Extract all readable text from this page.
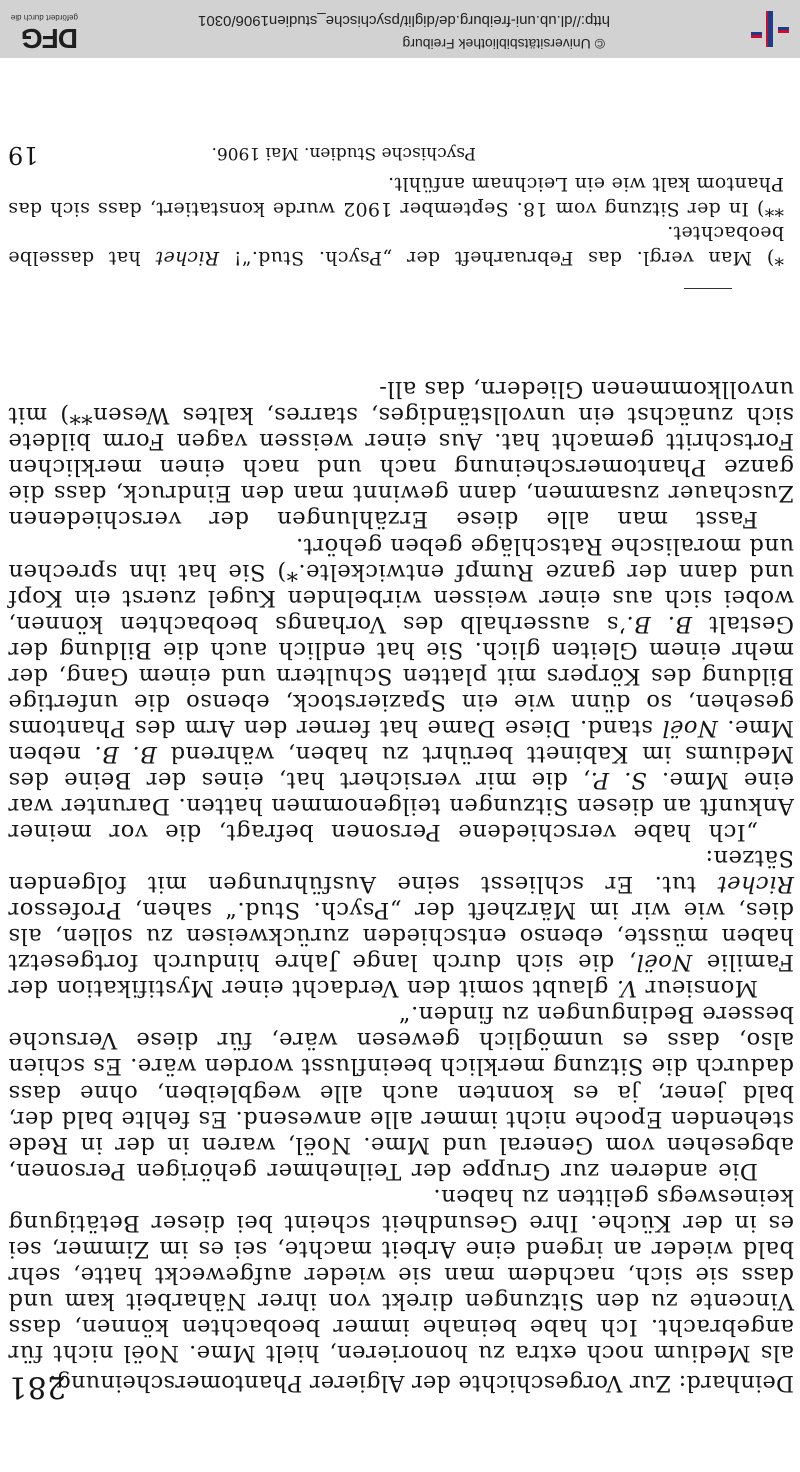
Deinhard: Zur Vorgeschichte der Algierer Phantomerscheinung.
281

als Medium noch extra zu honorieren, hielt Mme. Noël nicht für angebracht. Ich habe beinahe immer beobachten können, dass Vincente zu den Sitzungen direkt von ihrer Näharbeit kam und dass sie sich, nachdem man sie wieder aufgeweckt hatte, sehr bald wieder an irgend eine Arbeit machte, sei es im Zimmer, sei es in der Küche. Ihre Gesundheit scheint bei dieser Betätigung keineswegs gelitten zu haben.

Die anderen zur Gruppe der Teilnehmer gehörigen Personen, abgesehen vom General und Mme. Noël, waren in der in Rede stehenden Epoche nicht immer alle anwesend. Es fehlte bald der, bald jener, ja es konnten auch alle wegbleiben, ohne dass dadurch die Sitzung merklich beeinflusst worden wäre. Es schien also, dass es unmöglich gewesen wäre, für diese Versuche bessere Bedingungen zu finden.“

Monsieur V. glaubt somit den Verdacht einer Mystifikation der Familie Noël, die sich durch lange Jahre hindurch fortgesetzt haben müsste, ebenso entschieden zurückweisen zu sollen, als dies, wie wir im Märzheft der „Psych. Stud.“ sahen, Professor Richet tut. Er schliesst seine Ausführungen mit folgenden Sätzen:

„Ich habe verschiedene Personen befragt, die vor meiner Ankunft an diesen Sitzungen teilgenommen hatten. Darunter war eine Mme. S. P., die mir versichert hat, eines der Beine des Mediums im Kabinett berührt zu haben, während B. B. neben Mme. Noël stand. Diese Dame hat ferner den Arm des Phantoms gesehen, so dünn wie ein Spazierstock, ebenso die unfertige Bildung des Körpers mit platten Schultern und einem Gang, der mehr einem Gleiten glich. Sie hat endlich auch die Bildung der Gestalt B. B.’s ausserhalb des Vorhangs beobachten können, wobei sich aus einer weissen wirbelnden Kugel zuerst ein Kopf und dann der ganze Rumpf entwickelte.*) Sie hat ihn sprechen und moralische Ratschläge geben gehört.

Fasst man alle diese Erzählungen der verschiedenen Zuschauer zusammen, dann gewinnt man den Eindruck, dass die ganze Phantomerscheinung nach und nach einen merklichen Fortschritt gemacht hat. Aus einer weissen vagen Form bildete sich zunächst ein unvollständiges, starres, kaltes Wesen**) mit unvollkommenen Gliedern, das all-

*) Man vergl. das Februarheft der „Psych. Stud.“! Richet hat dasselbe beobachtet.

**) In der Sitzung vom 18. September 1902 wurde konstatiert, dass sich das Phantom kalt wie ein Leichnam anfühlt.

Psychische Studien. Mai 1906.
19
© Universitätsbibliothek Freiburg
http://dl.ub.uni-freiburg.de/diglit/psychische_studien1906/0301
DFG
gefördert durch die
